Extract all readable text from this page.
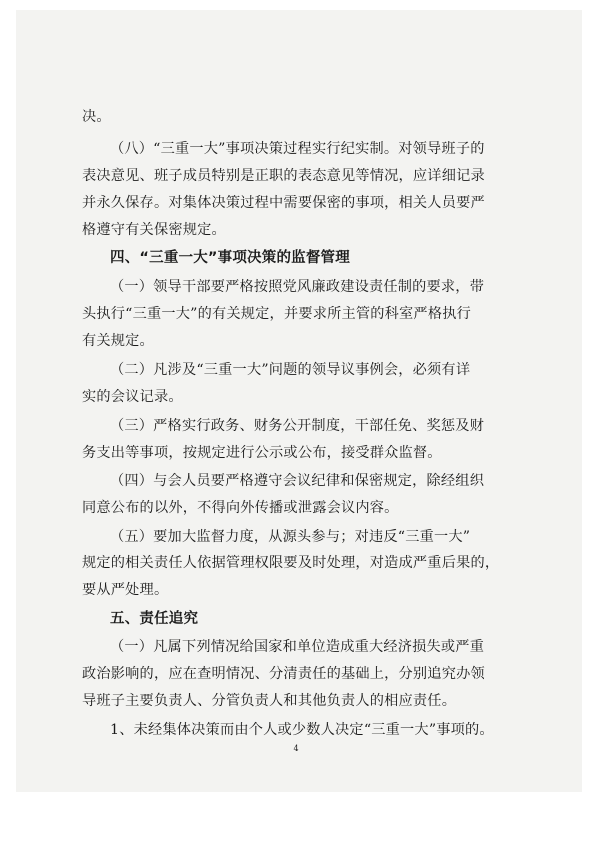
决。
（八）“三重一大”事项决策过程实行纪实制。对领导班子的
表决意见、班子成员特别是正职的表态意见等情况，应详细记录
并永久保存。对集体决策过程中需要保密的事项，相关人员要严
格遵守有关保密规定。
四、“三重一大”事项决策的监督管理
（一）领导干部要严格按照党风廉政建设责任制的要求，带
头执行“三重一大”的有关规定，并要求所主管的科室严格执行
有关规定。
（二）凡涉及“三重一大”问题的领导议事例会，必须有详
实的会议记录。
（三）严格实行政务、财务公开制度，干部任免、奖惩及财
务支出等事项，按规定进行公示或公布，接受群众监督。
（四）与会人员要严格遵守会议纪律和保密规定，除经组织
同意公布的以外，不得向外传播或泄露会议内容。
（五）要加大监督力度，从源头参与；对违反“三重一大”
规定的相关责任人依据管理权限要及时处理，对造成严重后果的，
要从严处理。
五、责任追究
（一）凡属下列情况给国家和单位造成重大经济损失或严重
政治影响的，应在查明情况、分清责任的基础上，分别追究办领
导班子主要负责人、分管负责人和其他负责人的相应责任。
1、未经集体决策而由个人或少数人决定“三重一大”事项的。
4
